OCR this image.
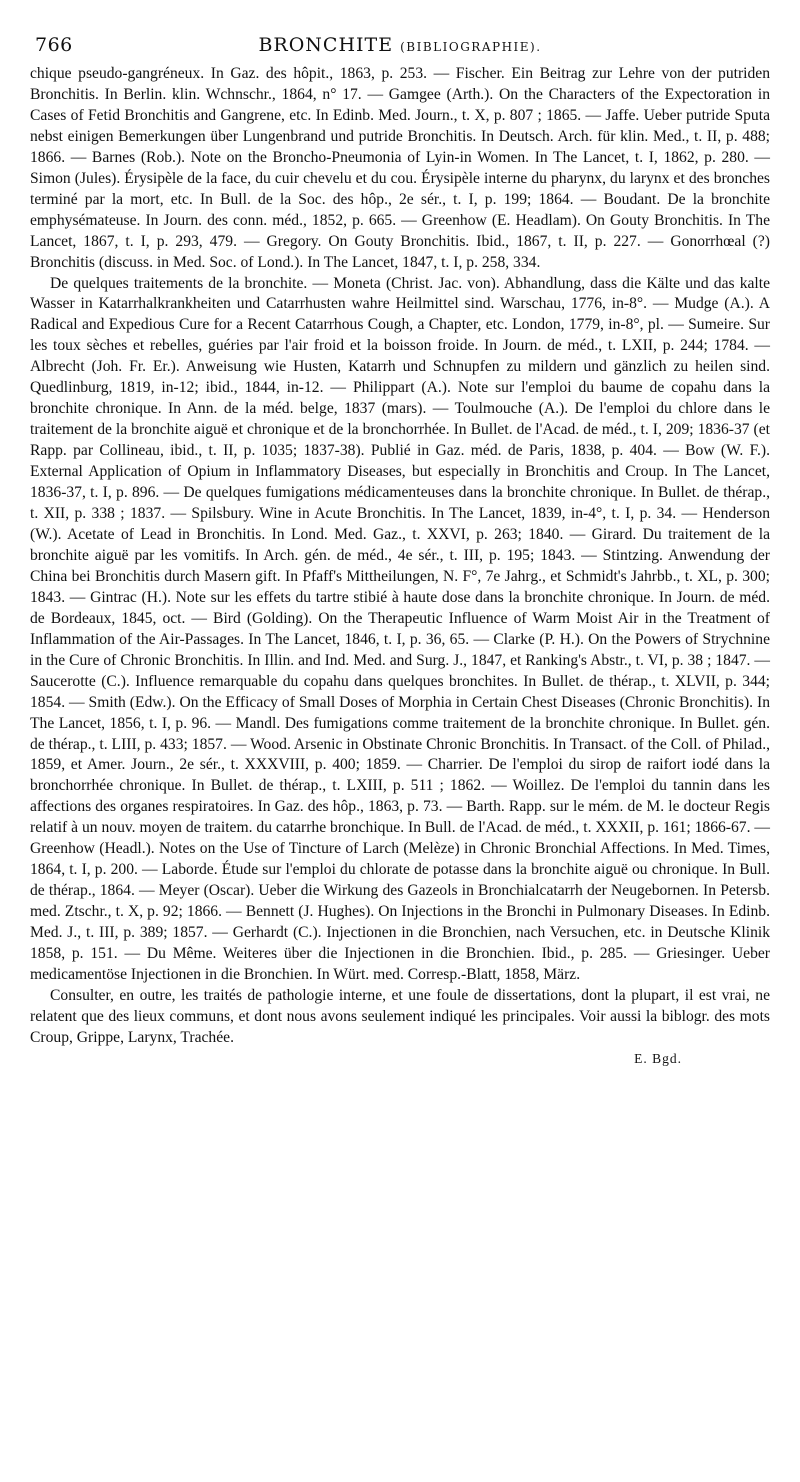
766	BRONCHITE (BIBLIOGRAPHIE).

chique pseudo-gangréneux. In Gaz. des hôpit., 1863, p. 253. — Fischer. Ein Beitrag zur Lehre von der putriden Bronchitis. In Berlin. klin. Wchnschr., 1864, n° 17. — Gamgee (Arth.). On the Characters of the Expectoration in Cases of Fetid Bronchitis and Gangrene, etc. In Edinb. Med. Journ., t. X, p. 807 ; 1865. — Jaffe. Ueber putride Sputa nebst einigen Bemerkungen über Lungenbrand und putride Bronchitis. In Deutsch. Arch. für klin. Med., t. II, p. 488; 1866. — Barnes (Rob.). Note on the Broncho-Pneumonia of Lyin-in Women. In The Lancet, t. I, 1862, p. 280. — Simon (Jules). Érysipèle de la face, du cuir chevelu et du cou. Érysipèle interne du pharynx, du larynx et des bronches terminé par la mort, etc. In Bull. de la Soc. des hôp., 2e sér., t. I, p. 199; 1864. — Boudant. De la bronchite emphysémateuse. In Journ. des conn. méd., 1852, p. 665. — Greenhow (E. Headlam). On Gouty Bronchitis. In The Lancet, 1867, t. I, p. 293, 479. — Gregory. On Gouty Bronchitis. Ibid., 1867, t. II, p. 227. — Gonorrhœal (?) Bronchitis (discuss. in Med. Soc. of Lond.). In The Lancet, 1847, t. I, p. 258, 334.

De quelques traitements de la bronchite. — Moneta (Christ. Jac. von). Abhandlung, dass die Kälte und das kalte Wasser in Katarrhalkrankheiten und Catarrhusten wahre Heilmittel sind. Warschau, 1776, in-8°. — Mudge (A.). A Radical and Expedious Cure for a Recent Catarrhous Cough, a Chapter, etc. London, 1779, in-8°, pl. — Sumeire. Sur les toux sèches et rebelles, guéries par l'air froid et la boisson froide. In Journ. de méd., t. LXII, p. 244; 1784. — Albrecht (Joh. Fr. Er.). Anweisung wie Husten, Katarrh und Schnupfen zu mildern und gänzlich zu heilen sind. Quedlinburg, 1819, in-12; ibid., 1844, in-12. — Philippart (A.). Note sur l'emploi du baume de copahu dans la bronchite chronique. In Ann. de la méd. belge, 1837 (mars). — Toulmouche (A.). De l'emploi du chlore dans le traitement de la bronchite aiguë et chronique et de la bronchorrhée. In Bullet. de l'Acad. de méd., t. I, 209; 1836-37 (et Rapp. par Collineau, ibid., t. II, p. 1035; 1837-38). Publié in Gaz. méd. de Paris, 1838, p. 404. — Bow (W. F.). External Application of Opium in Inflammatory Diseases, but especially in Bronchitis and Croup. In The Lancet, 1836-37, t. I, p. 896. — De quelques fumigations médicamenteuses dans la bronchite chronique. In Bullet. de thérap., t. XII, p. 338 ; 1837. — Spilsbury. Wine in Acute Bronchitis. In The Lancet, 1839, in-4°, t. I, p. 34. — Henderson (W.). Acetate of Lead in Bronchitis. In Lond. Med. Gaz., t. XXVI, p. 263; 1840. — Girard. Du traitement de la bronchite aiguë par les vomitifs. In Arch. gén. de méd., 4e sér., t. III, p. 195; 1843. — Stintzing. Anwendung der China bei Bronchitis durch Masern gift. In Pfaff's Mittheilungen, N. F°, 7e Jahrg., et Schmidt's Jahrbb., t. XL, p. 300; 1843. — Gintrac (H.). Note sur les effets du tartre stibié à haute dose dans la bronchite chronique. In Journ. de méd. de Bordeaux, 1845, oct. — Bird (Golding). On the Therapeutic Influence of Warm Moist Air in the Treatment of Inflammation of the Air-Passages. In The Lancet, 1846, t. I, p. 36, 65. — Clarke (P. H.). On the Powers of Strychnine in the Cure of Chronic Bronchitis. In Illin. and Ind. Med. and Surg. J., 1847, et Ranking's Abstr., t. VI, p. 38 ; 1847. — Saucerotte (C.). Influence remarquable du copahu dans quelques bronchites. In Bullet. de thérap., t. XLVII, p. 344; 1854. — Smith (Edw.). On the Efficacy of Small Doses of Morphia in Certain Chest Diseases (Chronic Bronchitis). In The Lancet, 1856, t. I, p. 96. — Mandl. Des fumigations comme traitement de la bronchite chronique. In Bullet. gén. de thérap., t. LIII, p. 433; 1857. — Wood. Arsenic in Obstinate Chronic Bronchitis. In Transact. of the Coll. of Philad., 1859, et Amer. Journ., 2e sér., t. XXXVIII, p. 400; 1859. — Charrier. De l'emploi du sirop de raifort iodé dans la bronchorrhée chronique. In Bullet. de thérap., t. LXIII, p. 511 ; 1862. — Woillez. De l'emploi du tannin dans les affections des organes respiratoires. In Gaz. des hôp., 1863, p. 73. — Barth. Rapp. sur le mém. de M. le docteur Regis relatif à un nouv. moyen de traitem. du catarrhe bronchique. In Bull. de l'Acad. de méd., t. XXXII, p. 161; 1866-67. — Greenhow (Headl.). Notes on the Use of Tincture of Larch (Melèze) in Chronic Bronchial Affections. In Med. Times, 1864, t. I, p. 200. — Laborde. Étude sur l'emploi du chlorate de potasse dans la bronchite aiguë ou chronique. In Bull. de thérap., 1864. — Meyer (Oscar). Ueber die Wirkung des Gazeols in Bronchialcatarrh der Neugebornen. In Petersb. med. Ztschr., t. X, p. 92; 1866. — Bennett (J. Hughes). On Injections in the Bronchi in Pulmonary Diseases. In Edinb. Med. J., t. III, p. 389; 1857. — Gerhardt (C.). Injectionen in die Bronchien, nach Versuchen, etc. in Deutsche Klinik 1858, p. 151. — Du Même. Weiteres über die Injectionen in die Bronchien. Ibid., p. 285. — Griesinger. Ueber medicamentöse Injectionen in die Bronchien. In Würt. med. Corresp.-Blatt, 1858, März.

Consulter, en outre, les traités de pathologie interne, et une foule de dissertations, dont la plupart, il est vrai, ne relatent que des lieux communs, et dont nous avons seulement indiqué les principales. Voir aussi la biblogr. des mots Croup, Grippe, Larynx, Trachée.

E. Bgd.
